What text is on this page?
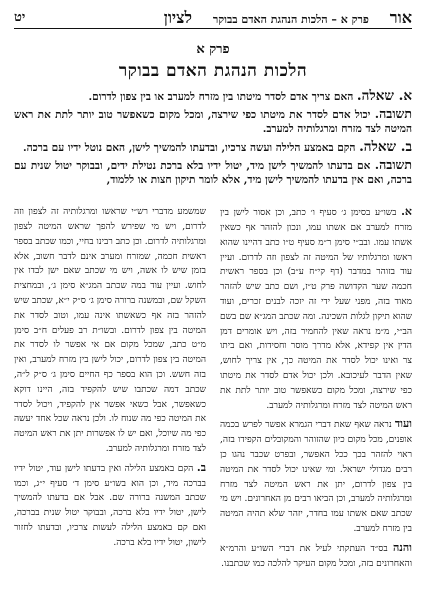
אור    פרק א – הלכות הנהגת האדם בבוקר    לציון
יט
פרק א
הלכות הנהגת האדם בבוקר

א. שאלה. האם צריך אדם לסדר מיטתו בין מזרח למערב או בין צפון לדרום.

תשובה. יכול אדם לסדר את מיטתו כפי שירצה, ומכל מקום כשאפשר טוב יותר לתת את ראש המיטה לצד מזרח ומרגלותיה למערב.

ב. שאלה. הקם באמצע הלילה ועשה צרכיו, ובדעתו להמשיך לישן, האם נוטל ידיו עם ברכה.

תשובה. אם בדעתו להמשיך לישן מיד, יטול ידיו בלא ברכת נטילת ידים, ובבוקר יטול שנית עם ברכה, ואם אין בדעתו להמשיך לישן מיד, אלא לומר תיקון חצות או ללמוד,

א. בשו״ע בסימן ג׳ סעיף ו׳ כתב, וכן אסור לישן בין מזרח למערב אם אשתו עמו, ונכון להזהר אף כשאין אשתו עמו. ובב״י סימן ר״מ סעיף ט״ו כתב דהיינו שהוא ראשו ומרגלותיו של המיטה זה לצפון וזה לדרום. ועיין עוד בזוהר במדבר (דף קי״ח ע״ב) וכן בספר ראשית חכמה שער הקדושה פרק ט״ז, ושם כתב שיש להזהר מאוד בזה, מפני שעל ידי זה יזכה לבנים זכרים, ועוד שהוא תיקון לגלות השכינה. ומה שכתב המג״א שם בשם הב״י, מ״מ נראה שאין להחמיר בזה, ויש אומרים דמן הדין אין קפידא, אלא מדרך מוסר וחסידות, ואם ביתו צר ואינו יכול לסדר את המיטה כך, אין צריך לחוש, שאין הדבר לעיכובא. ולכן יכול אדם לסדר את מיטתו כפי שירצה, ומכל מקום כשאפשר טוב יותר לתת את ראש המיטה לצד מזרח ומרגלותיה למערב.

ועוד נראה שאף שאת דברי הגמרא אפשר לפרש בכמה אופנים, מכל מקום כיון שהזוהר והמקובלים הקפידו בזה, ראוי להזהר בכך ככל האפשר, ובפרט שכבר נהגו כן רבים מגדולי ישראל. ומי שאינו יכול לסדר את המיטה בין צפון לדרום, יתן את ראש המיטה לצד מזרח ומרגלותיה למערב, וכן הביאו רבים מן האחרונים. ויש מי שכתב שאם אשתו עמו בחדר, יזהר שלא תהיה המיטה בין מזרח למערב.

והנה בס״ד העתקתי לעיל את דברי השו״ע והרמ״א והאחרונים בזה, ומכל מקום העיקר להלכה כמו שכתבנו.

שמשמע מדברי רש״י שראשו ומרגלותיה זה לצפון וזה לדרום, ויש מי שפירש להפך שראש המיטה לצפון ומרגלותיה לדרום. וכן כתב רבינו בחיי, וכמו שכתב בספר ראשית חכמה, שמזרח ומערב אינם לדבר חשוב, אלא בזמן שיש לו אשה, ויש מי שכתב שאם ישן לבדו אין לחוש. ועיין עוד במה שכתב המג״א סימן ג׳, ובמחצית השקל שם, ובמשנה ברורה סימן ג׳ ס״ק י״א, שכתב שיש להזהר בזה אף כשאשתו אינה עמו, וטוב לסדר את המיטה בין צפון לדרום. ובשו״ת רב פעלים ח״ב סימן מ״ט כתב, שמכל מקום אם אי אפשר לו לסדר את המיטה בין צפון לדרום, יכול לישן בין מזרח למערב, ואין בזה חשש. וכן הוא בספר כף החיים סימן ג׳ ס״ק ל״ה, שכתב דמה שכתבו שיש להקפיד בזה, היינו דוקא כשאפשר, אבל כשאי אפשר אין להקפיד, ויכול לסדר את המיטה כפי מה שנוח לו. ולכן נראה שכל אחד יעשה כפי מה שיוכל, ואם יש לו אפשרות יתן את ראש המיטה לצד מזרח ומרגלותיה למערב.

ב. הקם באמצע הלילה ואין בדעתו לישן עוד, יטול ידיו בברכה מיד, וכן הוא בשו״ע סימן ד׳ סעיף י״ג, וכמו שכתב המשנה ברורה שם. אבל אם בדעתו להמשיך לישן, יטול ידיו בלא ברכה, ובבוקר יטול שנית בברכה, ואם קם באמצע הלילה לעשות צרכיו, ובדעתו לחזור לישון, יטול ידיו בלא ברכה.
